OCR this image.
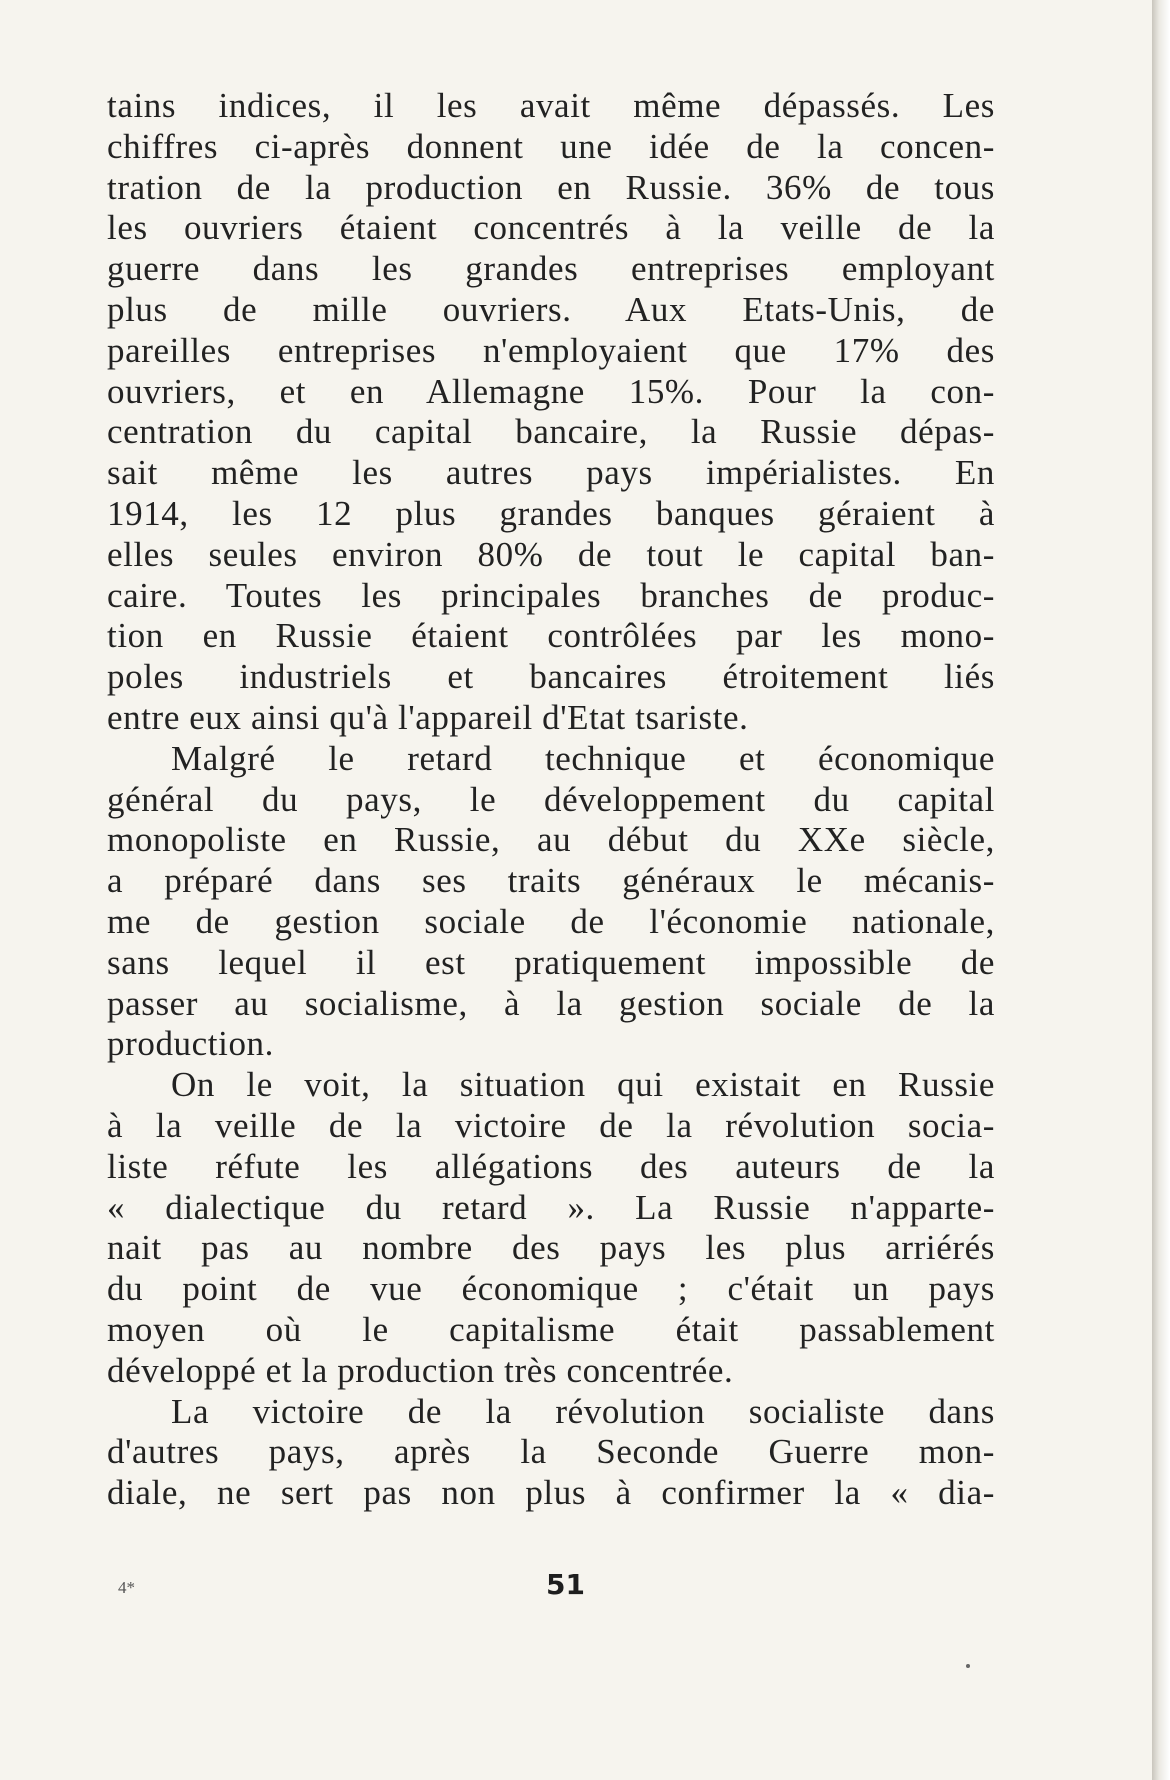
tains indices, il les avait même dépassés. Les
chiffres ci-après donnent une idée de la concen-
tration de la production en Russie. 36% de tous
les ouvriers étaient concentrés à la veille de la
guerre dans les grandes entreprises employant
plus de mille ouvriers. Aux Etats-Unis, de
pareilles entreprises n'employaient que 17% des
ouvriers, et en Allemagne 15%. Pour la con-
centration du capital bancaire, la Russie dépas-
sait même les autres pays impérialistes. En
1914, les 12 plus grandes banques géraient à
elles seules environ 80% de tout le capital ban-
caire. Toutes les principales branches de produc-
tion en Russie étaient contrôlées par les mono-
poles industriels et bancaires étroitement liés
entre eux ainsi qu'à l'appareil d'Etat tsariste.
Malgré le retard technique et économique
général du pays, le développement du capital
monopoliste en Russie, au début du XXe siècle,
a préparé dans ses traits généraux le mécanis-
me de gestion sociale de l'économie nationale,
sans lequel il est pratiquement impossible de
passer au socialisme, à la gestion sociale de la
production.
On le voit, la situation qui existait en Russie
à la veille de la victoire de la révolution socia-
liste réfute les allégations des auteurs de la
« dialectique du retard ». La Russie n'apparte-
nait pas au nombre des pays les plus arriérés
du point de vue économique ; c'était un pays
moyen où le capitalisme était passablement
développé et la production très concentrée.
La victoire de la révolution socialiste dans
d'autres pays, après la Seconde Guerre mon-
diale, ne sert pas non plus à confirmer la « dia-
4*	51
